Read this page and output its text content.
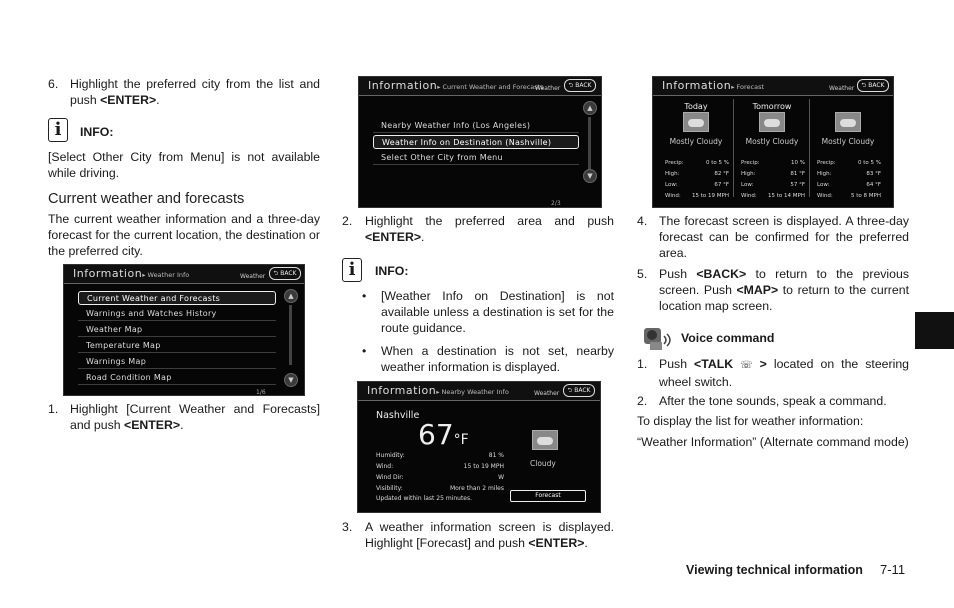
6. Highlight the preferred city from the list and push <ENTER>.
i	INFO:
[Select Other City from Menu] is not available while driving.
Current weather and forecasts
The current weather information and a three-day forecast for the current location, the destination or the preferred city.
Information▸ Weather Info	Weather	⮌ BACK
Current Weather and Forecasts
Warnings and Watches History
Weather Map
Temperature Map
Warnings Map
Road Condition Map
▲
▼
1/6
1. Highlight [Current Weather and Forecasts] and push <ENTER>.
Information▸ Current Weather and Forecasts
Weather	⮌ BACK
Nearby Weather Info (Los Angeles)
Weather Info on Destination (Nashville)
Select Other City from Menu
▲
▼
2/3
2. Highlight the preferred area and push <ENTER>.
i	INFO:
• [Weather Info on Destination] is not available unless a destination is set for the route guidance.
• When a destination is not set, nearby weather information is displayed.
Information▸ Nearby Weather Info	Weather	⮌ BACK
Nashville
67°F
Cloudy
Humidity:	81 %
Wind:	15 to 19 MPH
Wind Dir:	W
Visibility:	More than 2 miles
Updated within last 25 minutes.	Forecast
3. A weather information screen is displayed. Highlight [Forecast] and push <ENTER>.
Information▸ Forecast	Weather	⮌ BACK
Today
Mostly Cloudy
Precip:	0 to 5 %
High:	82 °F
Low:	67 °F
Wind: 15 to 19 MPH
Tomorrow
Mostly Cloudy
Precip:	10 %
High:	81 °F
Low:	57 °F
Wind: 15 to 14 MPH
Mostly Cloudy
Precip:	0 to 5 %
High:	83 °F
Low:	64 °F
Wind:	5 to 8 MPH
4. The forecast screen is displayed. A three-day forecast can be confirmed for the preferred area.
5. Push <BACK> to return to the previous screen. Push <MAP> to return to the current location map screen.
Voice command
1. Push <TALK ☏ > located on the steering wheel switch.
2. After the tone sounds, speak a command.
To display the list for weather information:
“Weather Information” (Alternate command mode)
Viewing technical information 7-11
